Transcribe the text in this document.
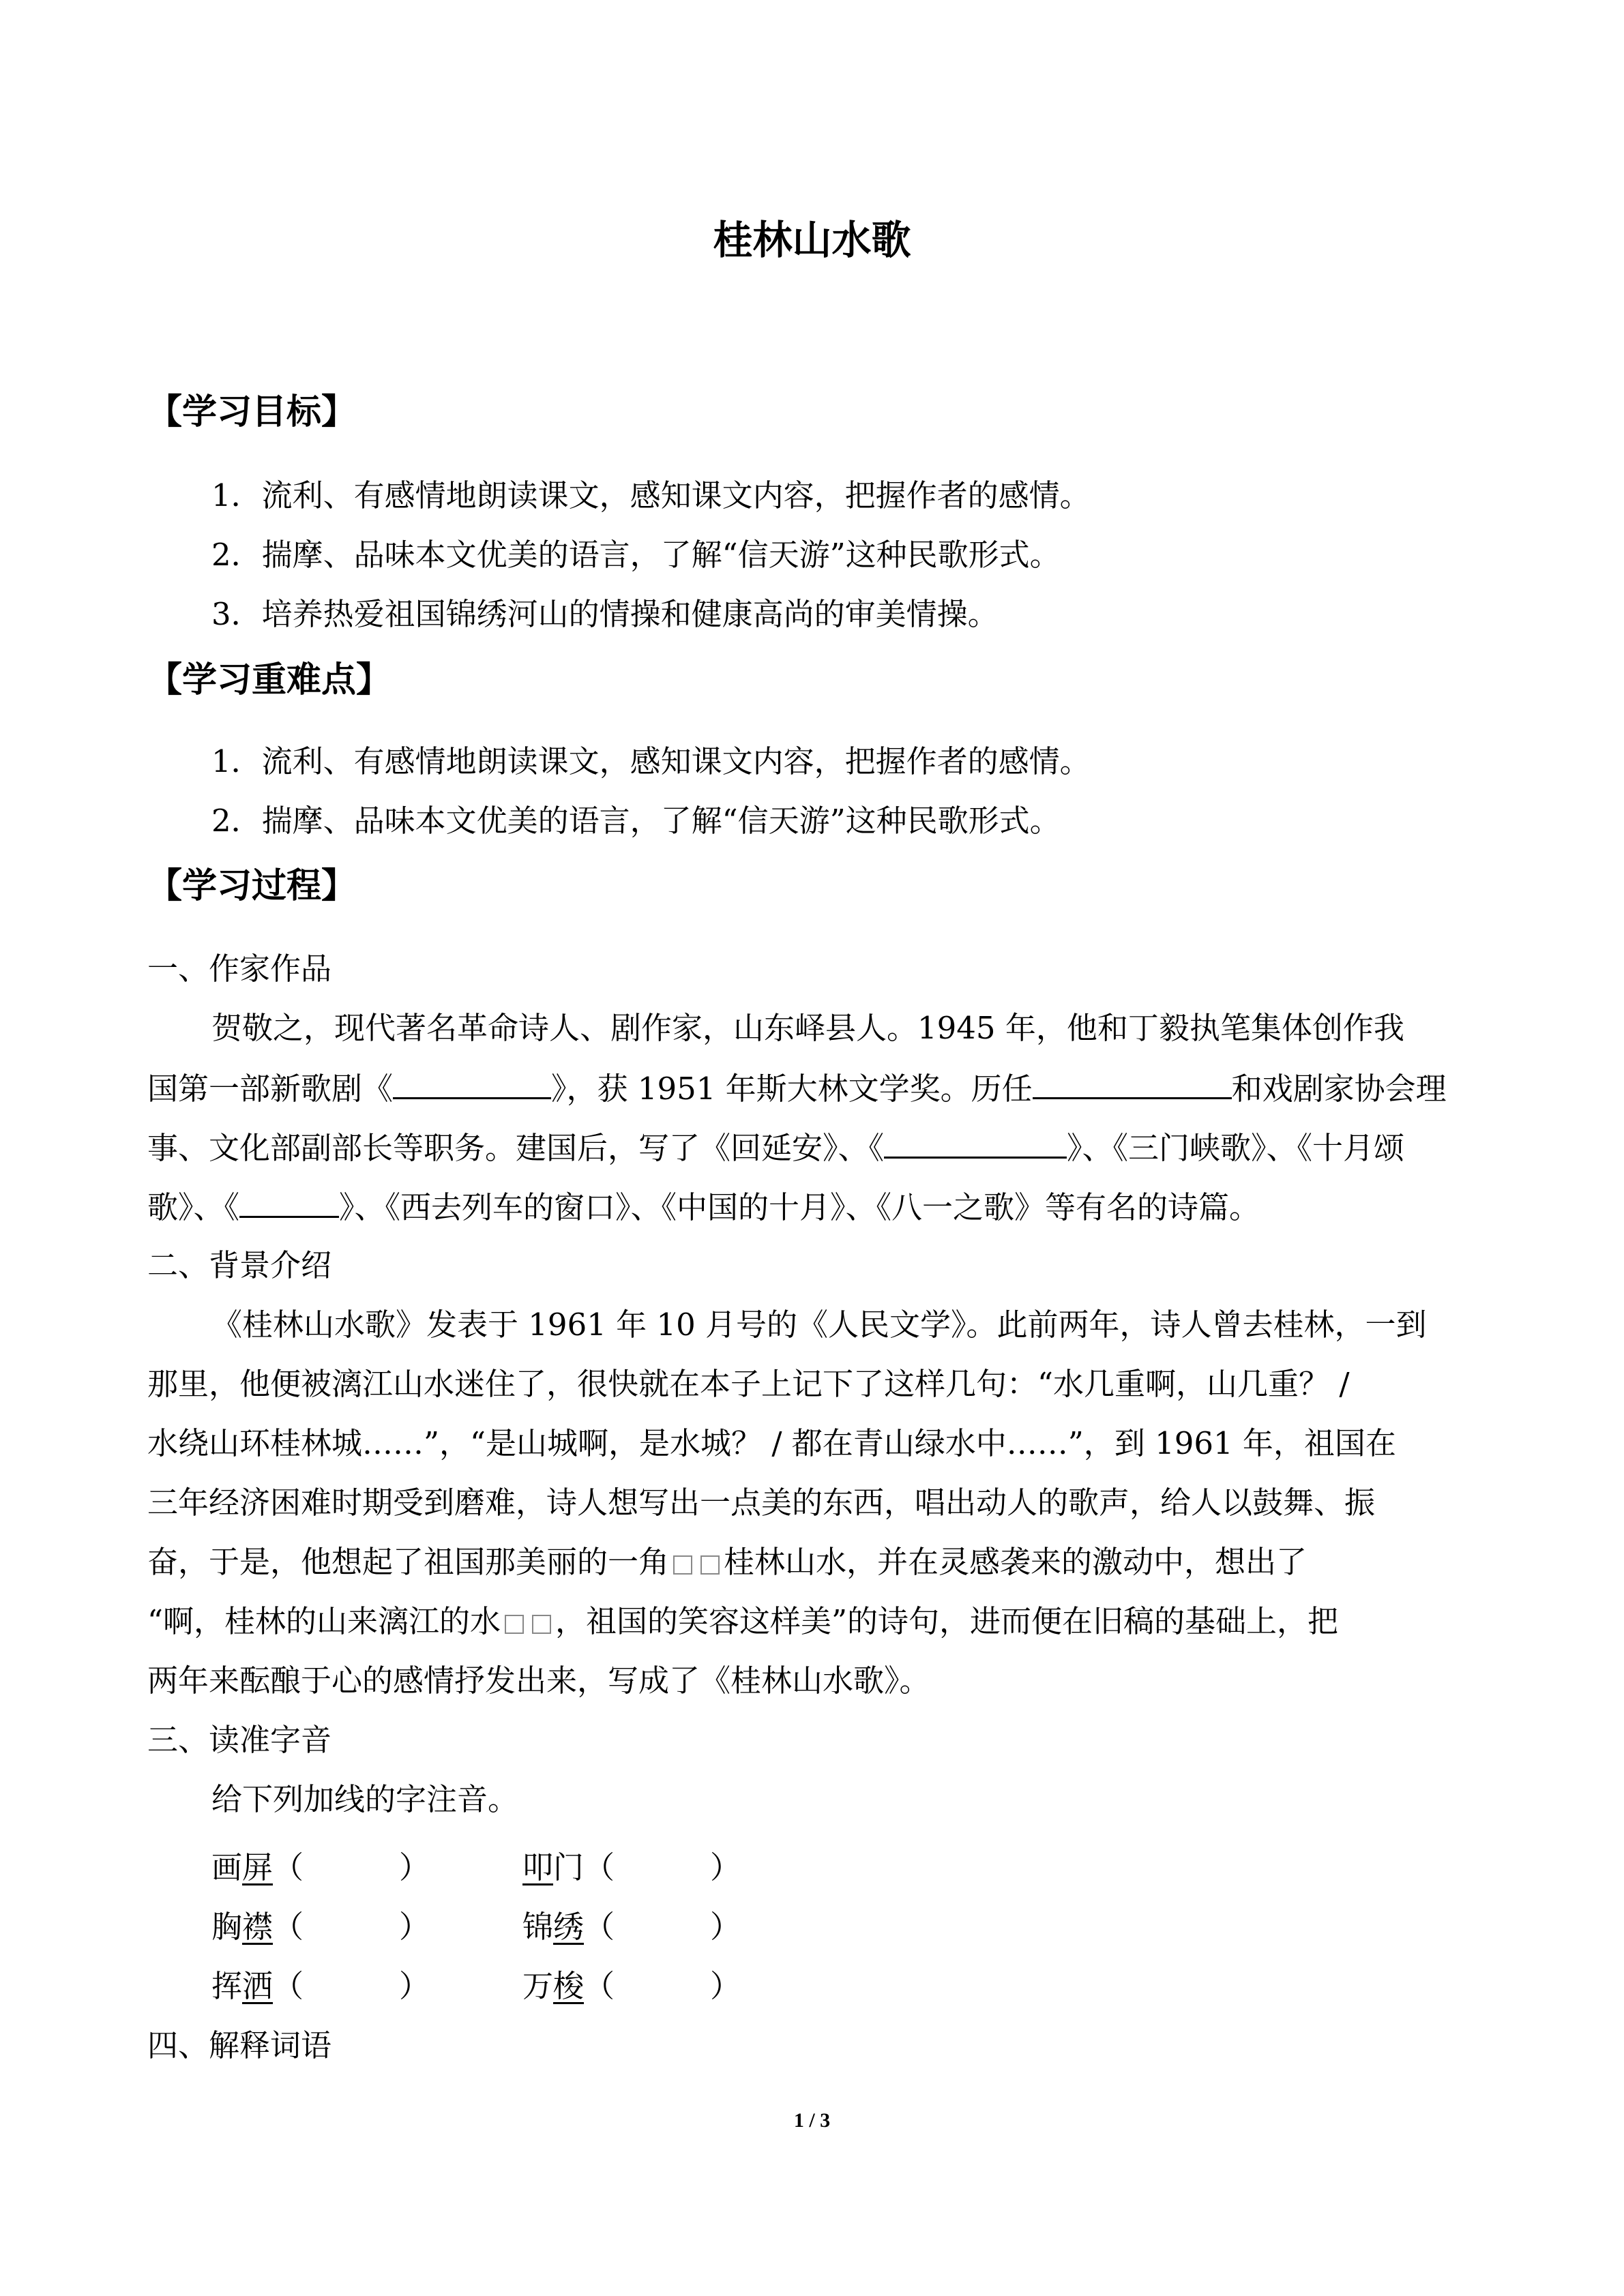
桂林山水歌
【学习目标】
1．流利、有感情地朗读课文，感知课文内容，把握作者的感情。
2．揣摩、品味本文优美的语言，了解“信天游”这种民歌形式。
3．培养热爱祖国锦绣河山的情操和健康高尚的审美情操。
【学习重难点】
1．流利、有感情地朗读课文，感知课文内容，把握作者的感情。
2．揣摩、品味本文优美的语言，了解“信天游”这种民歌形式。
【学习过程】
一、作家作品
贺敬之，现代著名革命诗人、剧作家，山东峄县人。1945 年，他和丁毅执笔集体创作我
国第一部新歌剧《	》，获 1951 年斯大林文学奖。历任	和戏剧家协会理
事、文化部副部长等职务。建国后，写了《回延安》、《	》、《三门峡歌》、《十月颂
歌》、《	》、《西去列车的窗口》、《中国的十月》、《八一之歌》等有名的诗篇。
二、背景介绍
《桂林山水歌》发表于 1961 年 10 月号的《人民文学》。此前两年，诗人曾去桂林，一到
那里，他便被漓江山水迷住了，很快就在本子上记下了这样几句：“水几重啊，山几重？ /
水绕山环桂林城……”，“是山城啊，是水城？ / 都在青山绿水中……”，到 1961 年，祖国在
三年经济困难时期受到磨难，诗人想写出一点美的东西，唱出动人的歌声，给人以鼓舞、振
奋，于是，他想起了祖国那美丽的一角 桂林山水，并在灵感袭来的激动中，想出了
“啊，桂林的山来漓江的水 ，祖国的笑容这样美”的诗句，进而便在旧稿的基础上，把
两年来酝酿于心的感情抒发出来，写成了《桂林山水歌》。
三、读准字音
给下列加线的字注音。
画屏（	）	叩门（	）
胸襟（	）	锦绣（	）
挥洒（	）	万梭（	）
四、解释词语
1 / 3
